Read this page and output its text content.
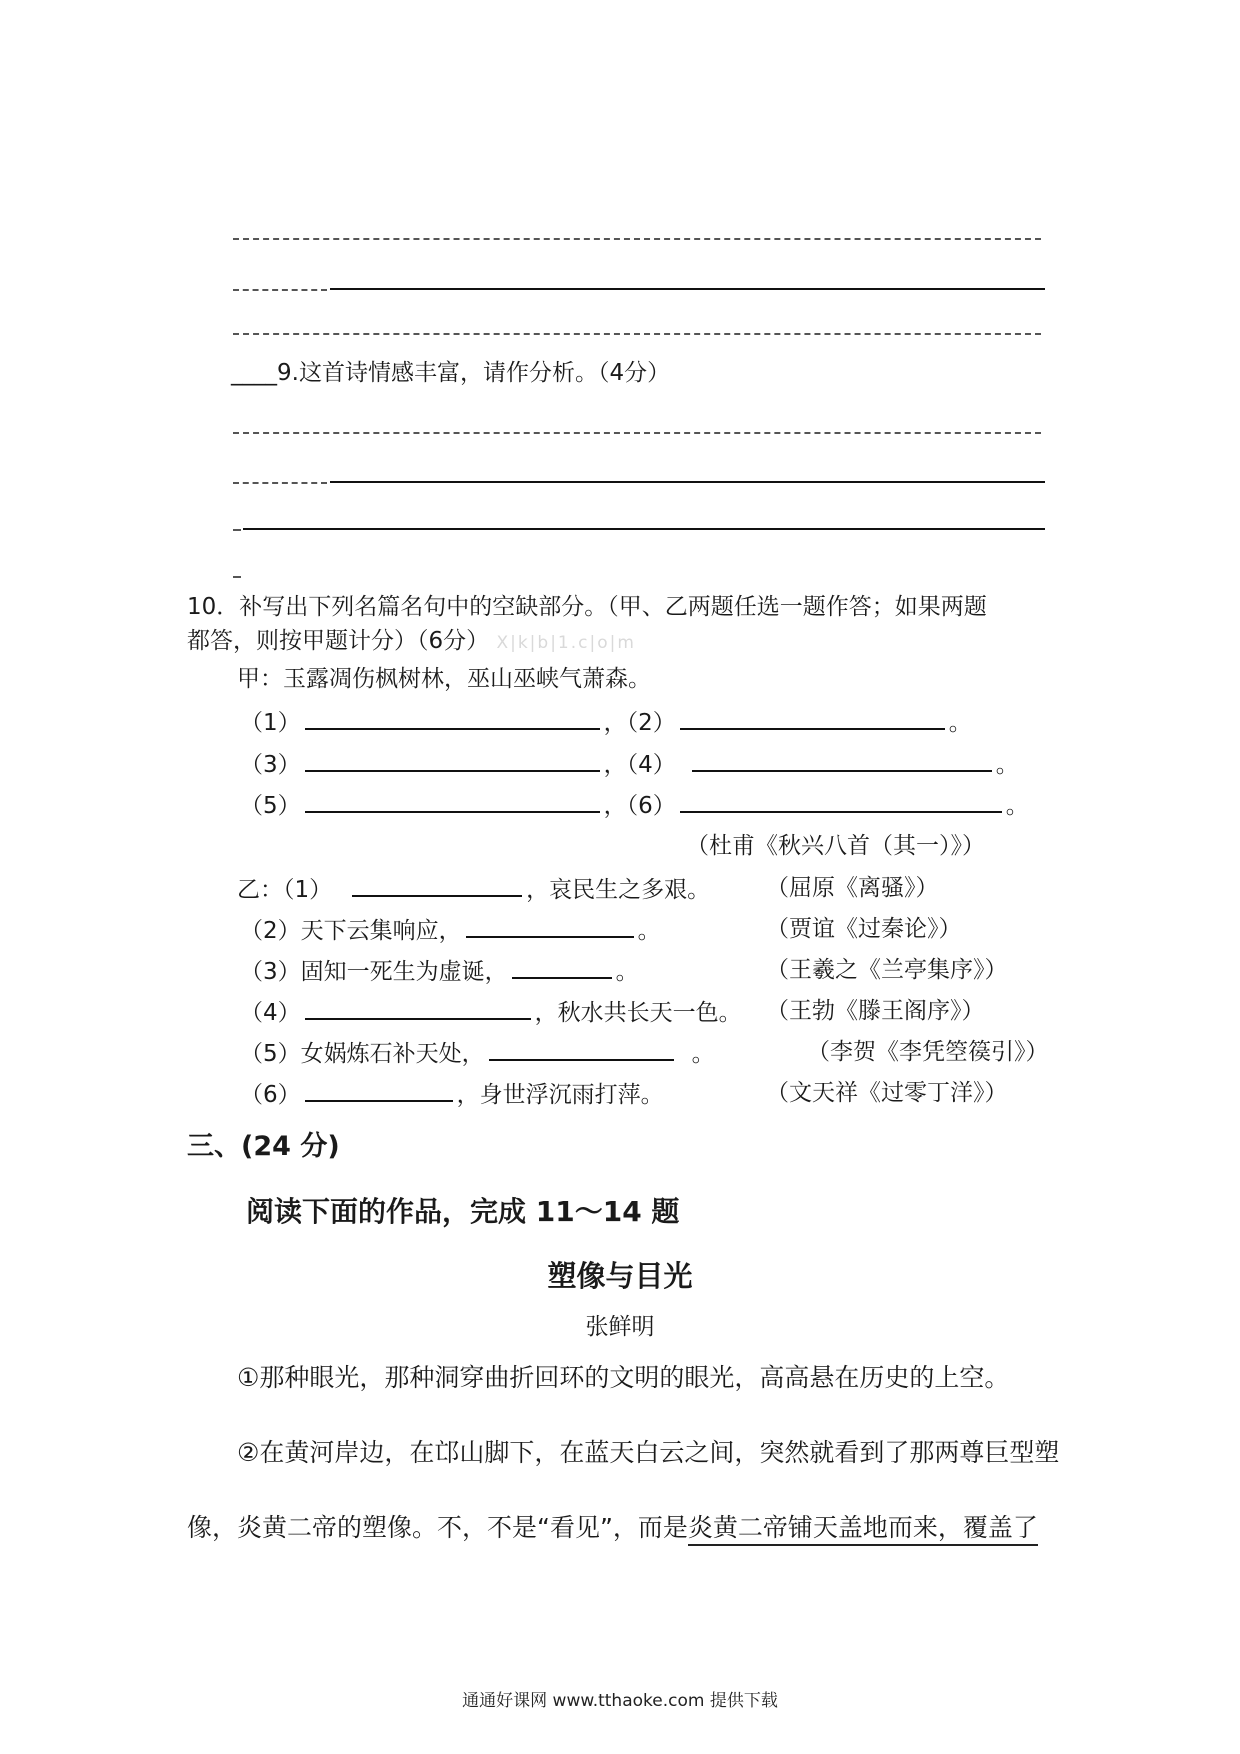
____9.这首诗情感丰富，请作分析。（4分）
10．补写出下列名篇名句中的空缺部分。（甲、乙两题任选一题作答；如果两题
都答，则按甲题计分）（6分） X|k|b|1.c|o|m
甲：玉露凋伤枫树林，巫山巫峡气萧森。
（1）	，（2）	。
（3）	，（4）	。
（5）	，（6）	。
（杜甫《秋兴八首（其一）》）
乙：（1）	，哀民生之多艰。 （屈原《离骚》）
（2）天下云集响应，	。	（贾谊《过秦论》）
（3）固知一死生为虚诞，	。	（王羲之《兰亭集序》）
（4）	，秋水共长天一色。 （王勃《滕王阁序》）
（5）女娲炼石补天处，	。	（李贺《李凭箜篌引》）
（6）	，身世浮沉雨打萍。	（文天祥《过零丁洋》）
三、(24 分)
阅读下面的作品，完成 11～14 题
塑像与目光
张鲜明
①那种眼光，那种洞穿曲折回环的文明的眼光，高高悬在历史的上空。
②在黄河岸边，在邙山脚下，在蓝天白云之间，突然就看到了那两尊巨型塑
像，炎黄二帝的塑像。不，不是“看见”，而是炎黄二帝铺天盖地而来，覆盖了
通通好课网 www.tthaoke.com 提供下载
